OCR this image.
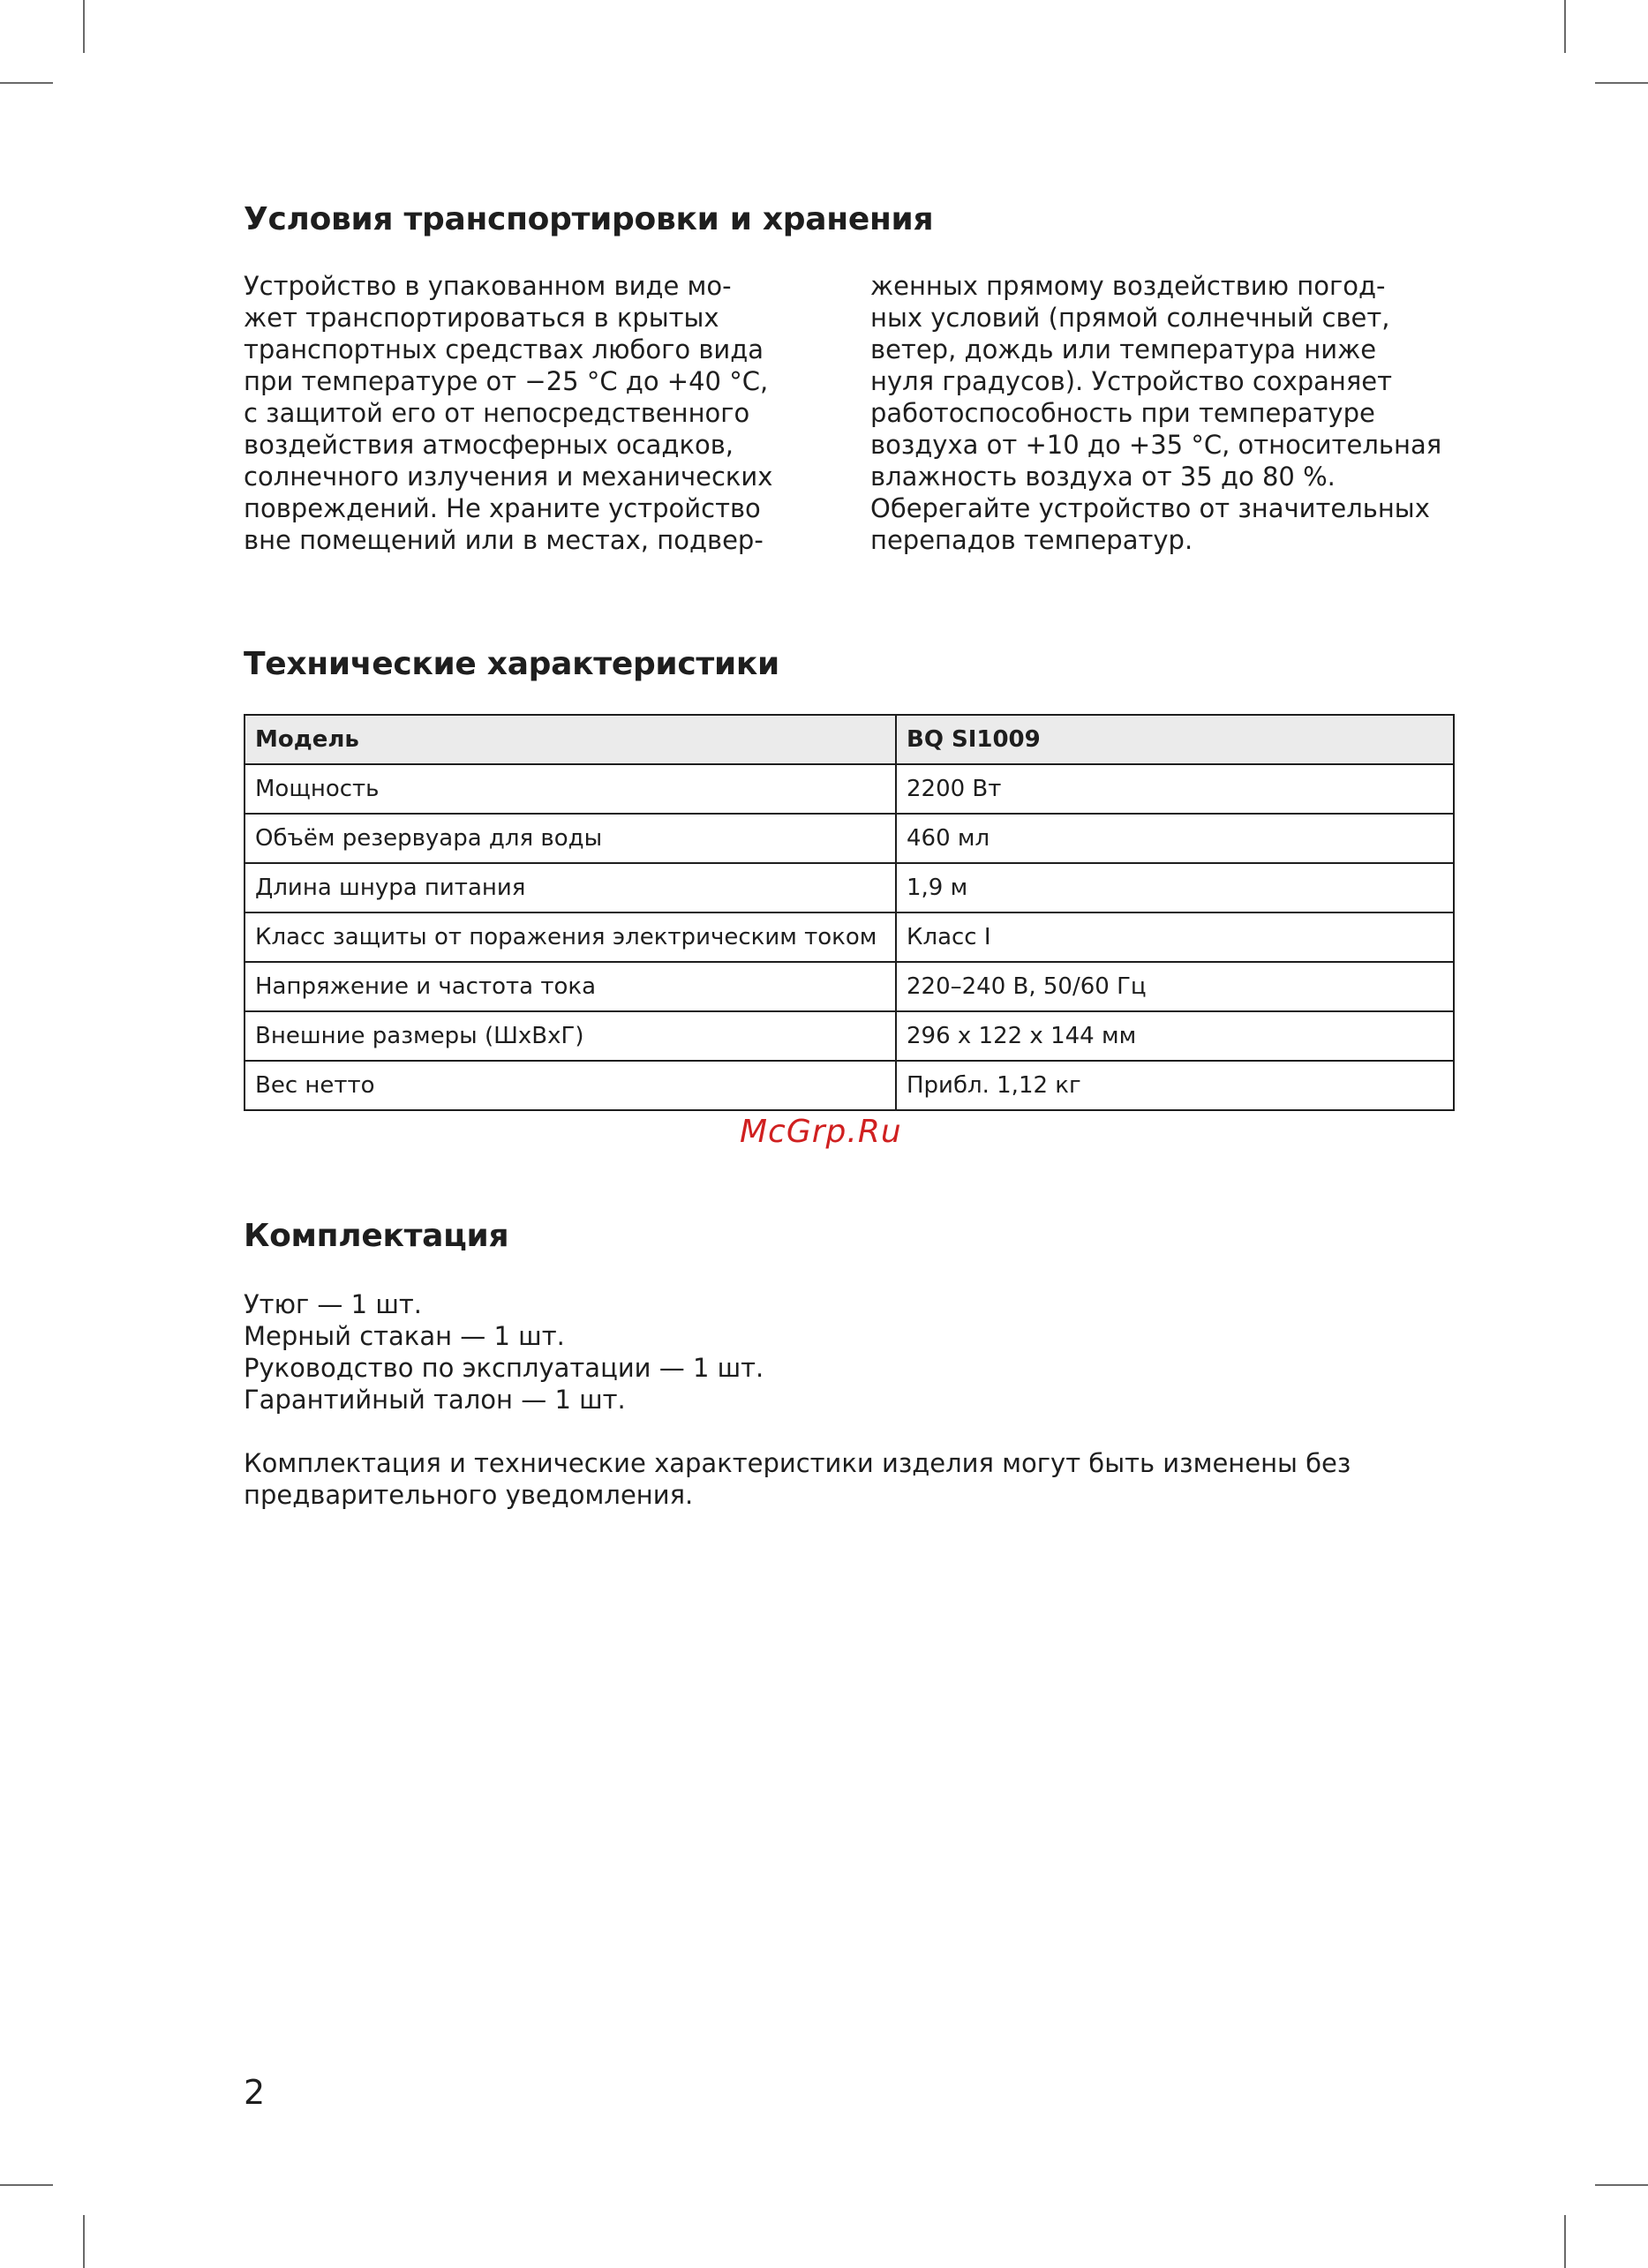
Условия транспортировки и хранения
Устройство в упакованном виде мо-
жет транспортироваться в крытых
транспортных средствах любого вида
при температуре от −25 °С до +40 °С,
с защитой его от непосредственного
воздействия атмосферных осадков,
солнечного излучения и механических
повреждений. Не храните устройство
вне помещений или в местах, подвер-
женных прямому воздействию погод-
ных условий (прямой солнечный свет,
ветер, дождь или температура ниже
нуля градусов). Устройство сохраняет
работоспособность при температуре
воздуха от +10 до +35 °С, относительная
влажность воздуха от 35 до 80 %.
Оберегайте устройство от значительных
перепадов температур.
Технические характеристики
Модель	BQ SI1009
Мощность	2200 Вт
Объём резервуара для воды	460 мл
Длина шнура питания	1,9 м
Класс защиты от поражения электрическим током	Класс I
Напряжение и частота тока	220–240 В, 50/60 Гц
Внешние размеры (ШхВхГ)	296 х 122 х 144 мм
Вес нетто	Прибл. 1,12 кг
McGrp.Ru
Комплектация
Утюг — 1 шт.
Мерный стакан — 1 шт.
Руководство по эксплуатации — 1 шт.
Гарантийный талон — 1 шт.
Комплектация и технические характеристики изделия могут быть изменены без
предварительного уведомления.
2
